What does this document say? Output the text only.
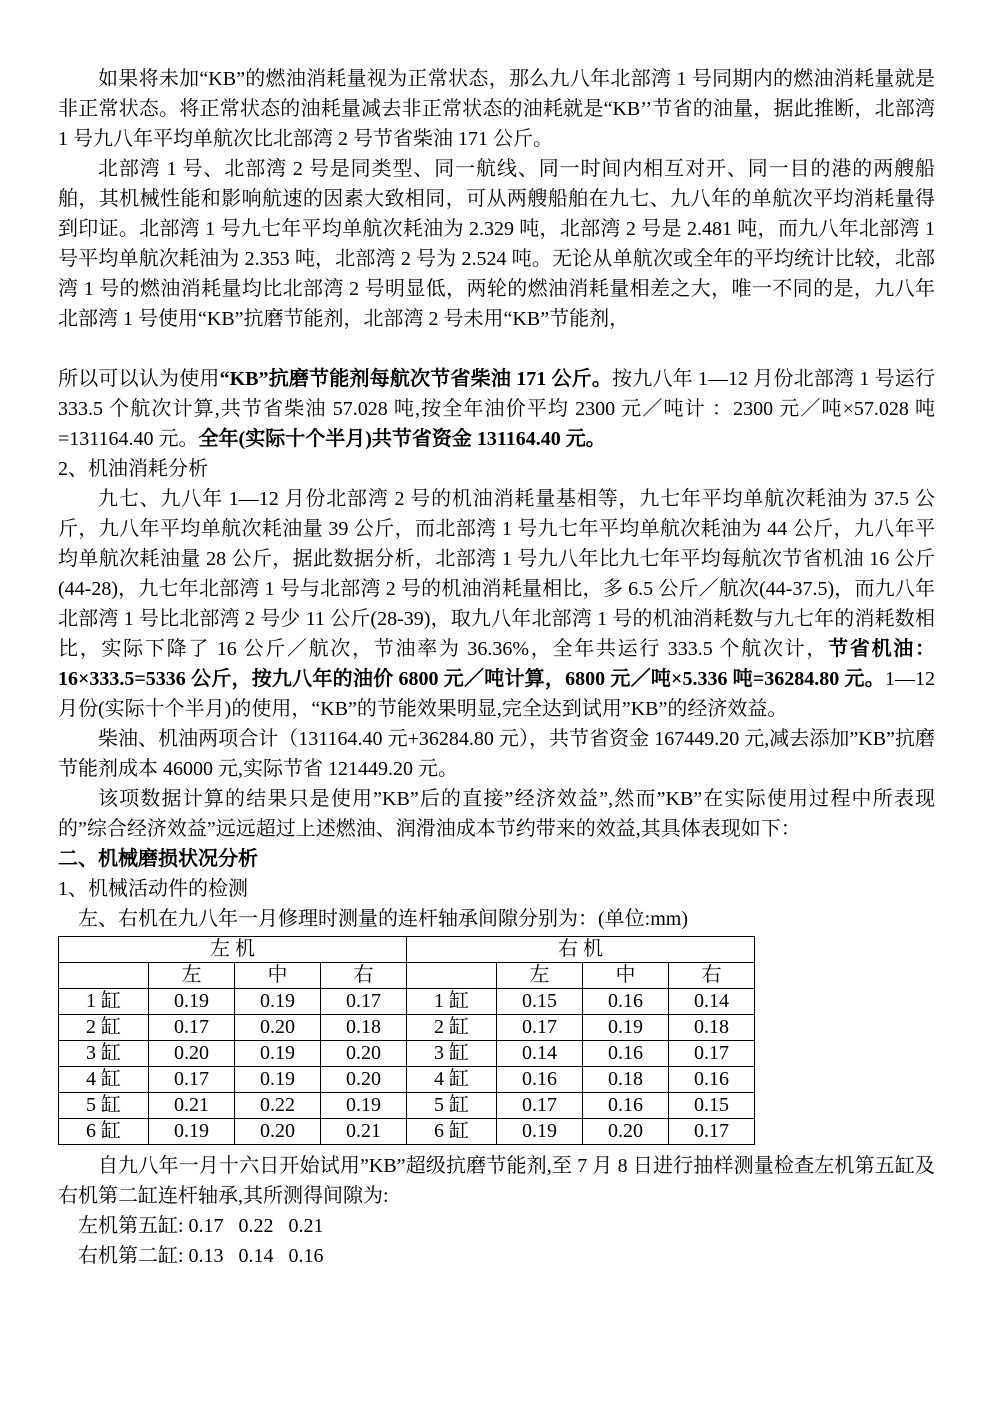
如果将未加“KB”的燃油消耗量视为正常状态，那么九八年北部湾 1 号同期内的燃油消耗量就是非正常状态。将正常状态的油耗量减去非正常状态的油耗就是“KB’’节省的油量，据此推断，北部湾 1 号九八年平均单航次比北部湾 2 号节省柴油 171 公斤。
北部湾 1 号、北部湾 2 号是同类型、同一航线、同一时间内相互对开、同一目的港的两艘船舶，其机械性能和影响航速的因素大致相同，可从两艘船舶在九七、九八年的单航次平均消耗量得到印证。北部湾 1 号九七年平均单航次耗油为 2.329 吨，北部湾 2 号是 2.481 吨，而九八年北部湾 1 号平均单航次耗油为 2.353 吨，北部湾 2 号为 2.524 吨。无论从单航次或全年的平均统计比较，北部湾 1 号的燃油消耗量均比北部湾 2 号明显低，两轮的燃油消耗量相差之大，唯一不同的是，九八年北部湾 1 号使用“KB”抗磨节能剂，北部湾 2 号未用“KB”节能剂，
所以可以认为使用“KB”抗磨节能剂每航次节省柴油 171 公斤。按九八年 1—12 月份北部湾 1 号运行 333.5 个航次计算,共节省柴油 57.028 吨,按全年油价平均 2300 元／吨计 ：2300 元／吨×57.028 吨=131164.40 元。全年(实际十个半月)共节省资金 131164.40 元。
2、机油消耗分析
九七、九八年 1—12 月份北部湾 2 号的机油消耗量基相等，九七年平均单航次耗油为 37.5 公斤，九八年平均单航次耗油量 39 公斤，而北部湾 1 号九七年平均单航次耗油为 44 公斤，九八年平均单航次耗油量 28 公斤，据此数据分析，北部湾 1 号九八年比九七年平均每航次节省机油 16 公斤(44-28)，九七年北部湾 1 号与北部湾 2 号的机油消耗量相比，多 6.5 公斤／航次(44-37.5)，而九八年北部湾 1 号比北部湾 2 号少 11 公斤(28-39)，取九八年北部湾 1 号的机油消耗数与九七年的消耗数相比，实际下降了 16 公斤／航次，节油率为 36.36%，全年共运行 333.5 个航次计，节省机油：16×333.5=5336 公斤，按九八年的油价 6800 元／吨计算，6800 元／吨×5.336 吨=36284.80 元。1—12 月份(实际十个半月)的使用，“KB”的节能效果明显,完全达到试用”KB”的经济效益。
柴油、机油两项合计（131164.40 元+36284.80 元），共节省资金 167449.20 元,减去添加”KB”抗磨节能剂成本 46000 元,实际节省 121449.20 元。
该项数据计算的结果只是使用”KB”后的直接”经济效益”,然而”KB”在实际使用过程中所表现的”综合经济效益”远远超过上述燃油、润滑油成本节约带来的效益,其具体表现如下：
二、机械磨损状况分析
1、机械活动件的检测
左、右机在九八年一月修理时测量的连杆轴承间隙分别为：(单位:mm)
左 机				右 机			
	左	中	右		左	中	右
1 缸	0.19	0.19	0.17	1 缸	0.15	0.16	0.14
2 缸	0.17	0.20	0.18	2 缸	0.17	0.19	0.18
3 缸	0.20	0.19	0.20	3 缸	0.14	0.16	0.17
4 缸	0.17	0.19	0.20	4 缸	0.16	0.18	0.16
5 缸	0.21	0.22	0.19	5 缸	0.17	0.16	0.15
6 缸	0.19	0.20	0.21	6 缸	0.19	0.20	0.17
自九八年一月十六日开始试用”KB”超级抗磨节能剂,至 7 月 8 日进行抽样测量检查左机第五缸及右机第二缸连杆轴承,其所测得间隙为:
左机第五缸: 0.17   0.22   0.21
右机第二缸: 0.13   0.14   0.16
